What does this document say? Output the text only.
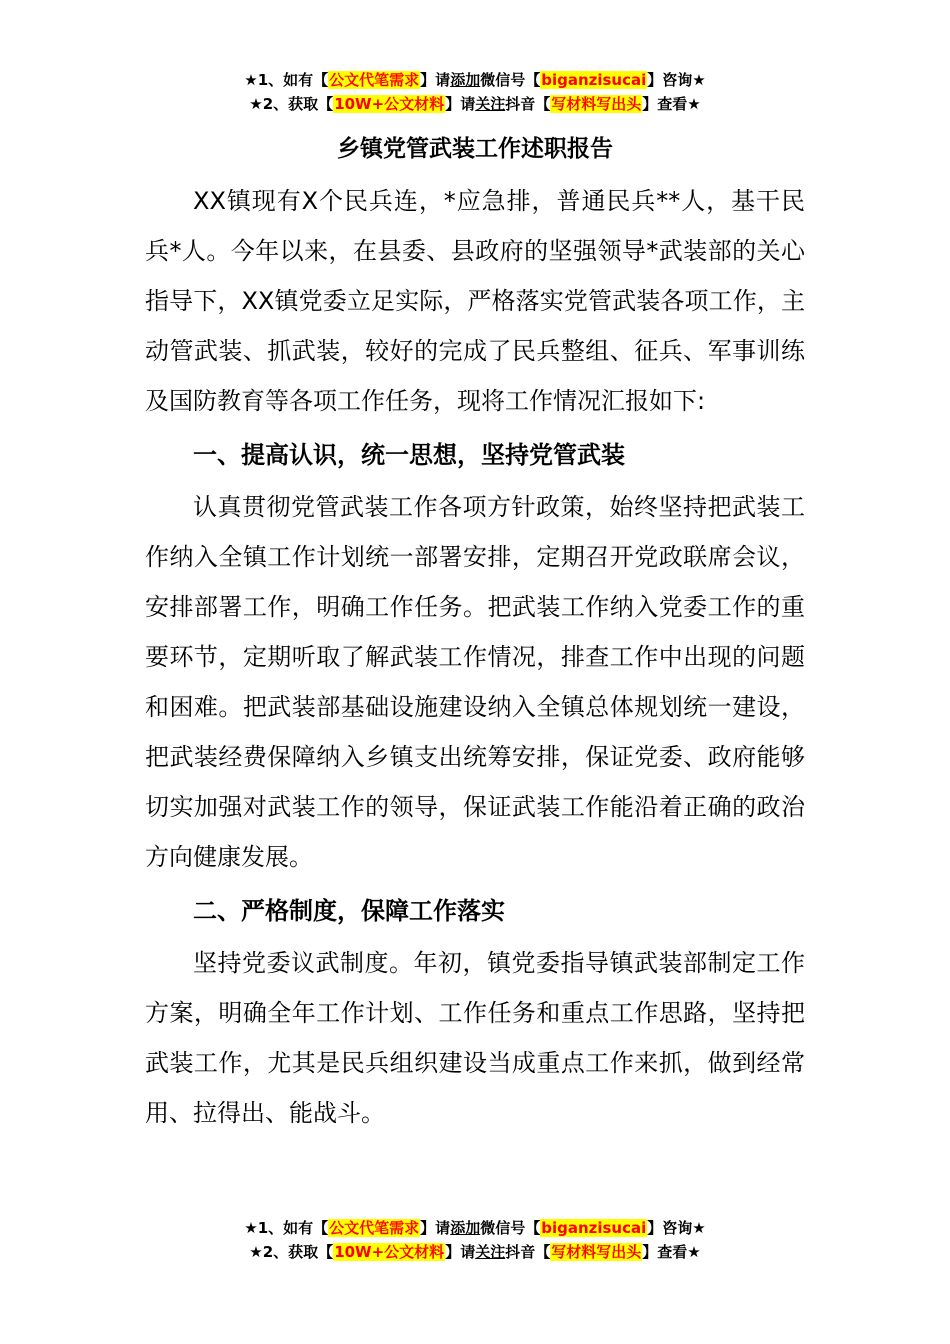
★1、如有【公文代笔需求】请添加微信号【biganzisucai】咨询★
★2、获取【10W+公文材料】请关注抖音【写材料写出头】查看★
乡镇党管武装工作述职报告

XX镇现有X个民兵连，*应急排，普通民兵**人，基干民兵*人。今年以来，在县委、县政府的坚强领导*武装部的关心指导下，XX镇党委立足实际，严格落实党管武装各项工作，主动管武装、抓武装，较好的完成了民兵整组、征兵、军事训练及国防教育等各项工作任务，现将工作情况汇报如下:

一、提高认识，统一思想，坚持党管武装

认真贯彻党管武装工作各项方针政策，始终坚持把武装工作纳入全镇工作计划统一部署安排，定期召开党政联席会议，安排部署工作，明确工作任务。把武装工作纳入党委工作的重要环节，定期听取了解武装工作情况，排查工作中出现的问题和困难。把武装部基础设施建设纳入全镇总体规划统一建设，把武装经费保障纳入乡镇支出统筹安排，保证党委、政府能够切实加强对武装工作的领导，保证武装工作能沿着正确的政治方向健康发展。

二、严格制度，保障工作落实

坚持党委议武制度。年初，镇党委指导镇武装部制定工作方案，明确全年工作计划、工作任务和重点工作思路，坚持把武装工作，尤其是民兵组织建设当成重点工作来抓，做到经常用、拉得出、能战斗。

★1、如有【公文代笔需求】请添加微信号【biganzisucai】咨询★
★2、获取【10W+公文材料】请关注抖音【写材料写出头】查看★
